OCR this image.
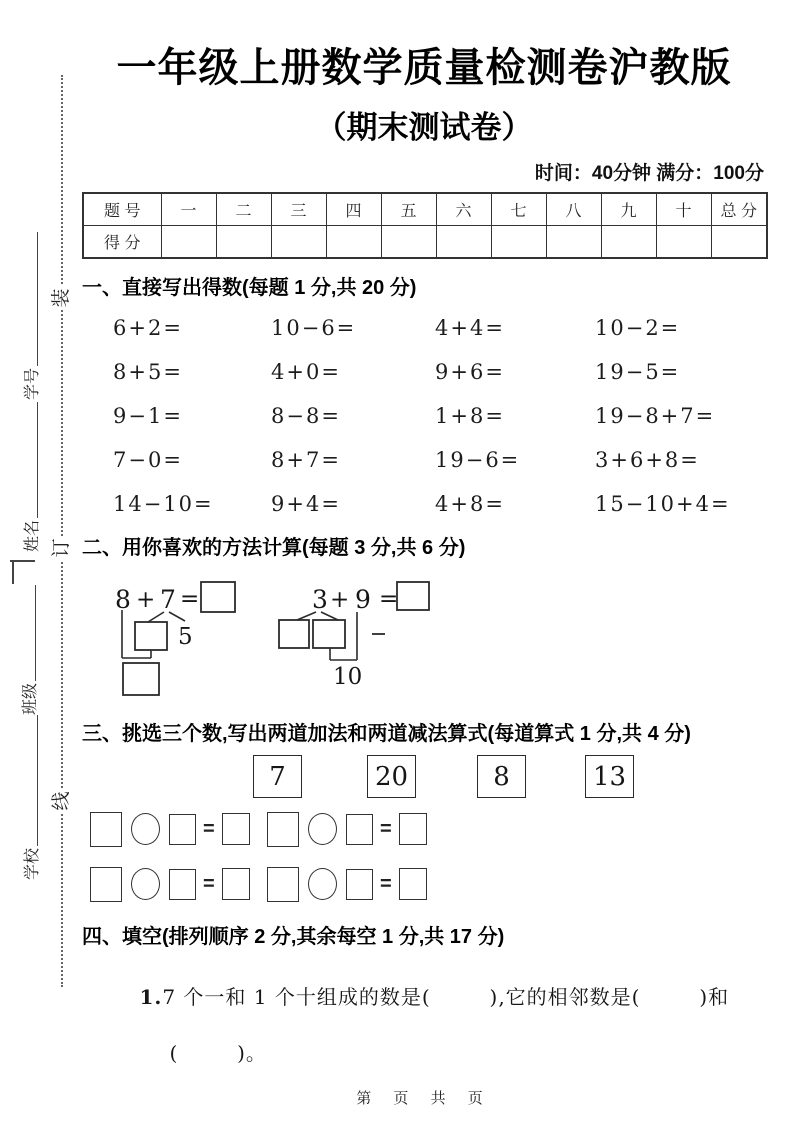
装
订
线
学号
姓名
班级
学校
一年级上册数学质量检测卷沪教版
（期末测试卷）
时间：40分钟 满分：100分
题 号	一	二	三	四	五	六	七	八	九	十	总 分
得 分											
一、直接写出得数(每题 1 分,共 20 分)
6+2=	10−6=	4+4=	10−2=
8+5=	4+0=	9+6=	19−5=
9−1=	8−8=	1+8=	19−8+7=
7−0=	8+7=	19−6=	3+6+8=
14−10=	9+4=	4+8=	15−10+4=
二、用你喜欢的方法计算(每题 3 分,共 6 分)
8 + 7 =
5
3 + 9 =
10
三、挑选三个数,写出两道加法和两道减法算式(每道算式 1 分,共 4 分)
7	20	8	13
=	=
=	=
四、填空(排列顺序 2 分,其余每空 1 分,共 17 分)

1.7 个一和 1 个十组成的数是(        ),它的相邻数是(        )和

(        )。

第 页 共 页
